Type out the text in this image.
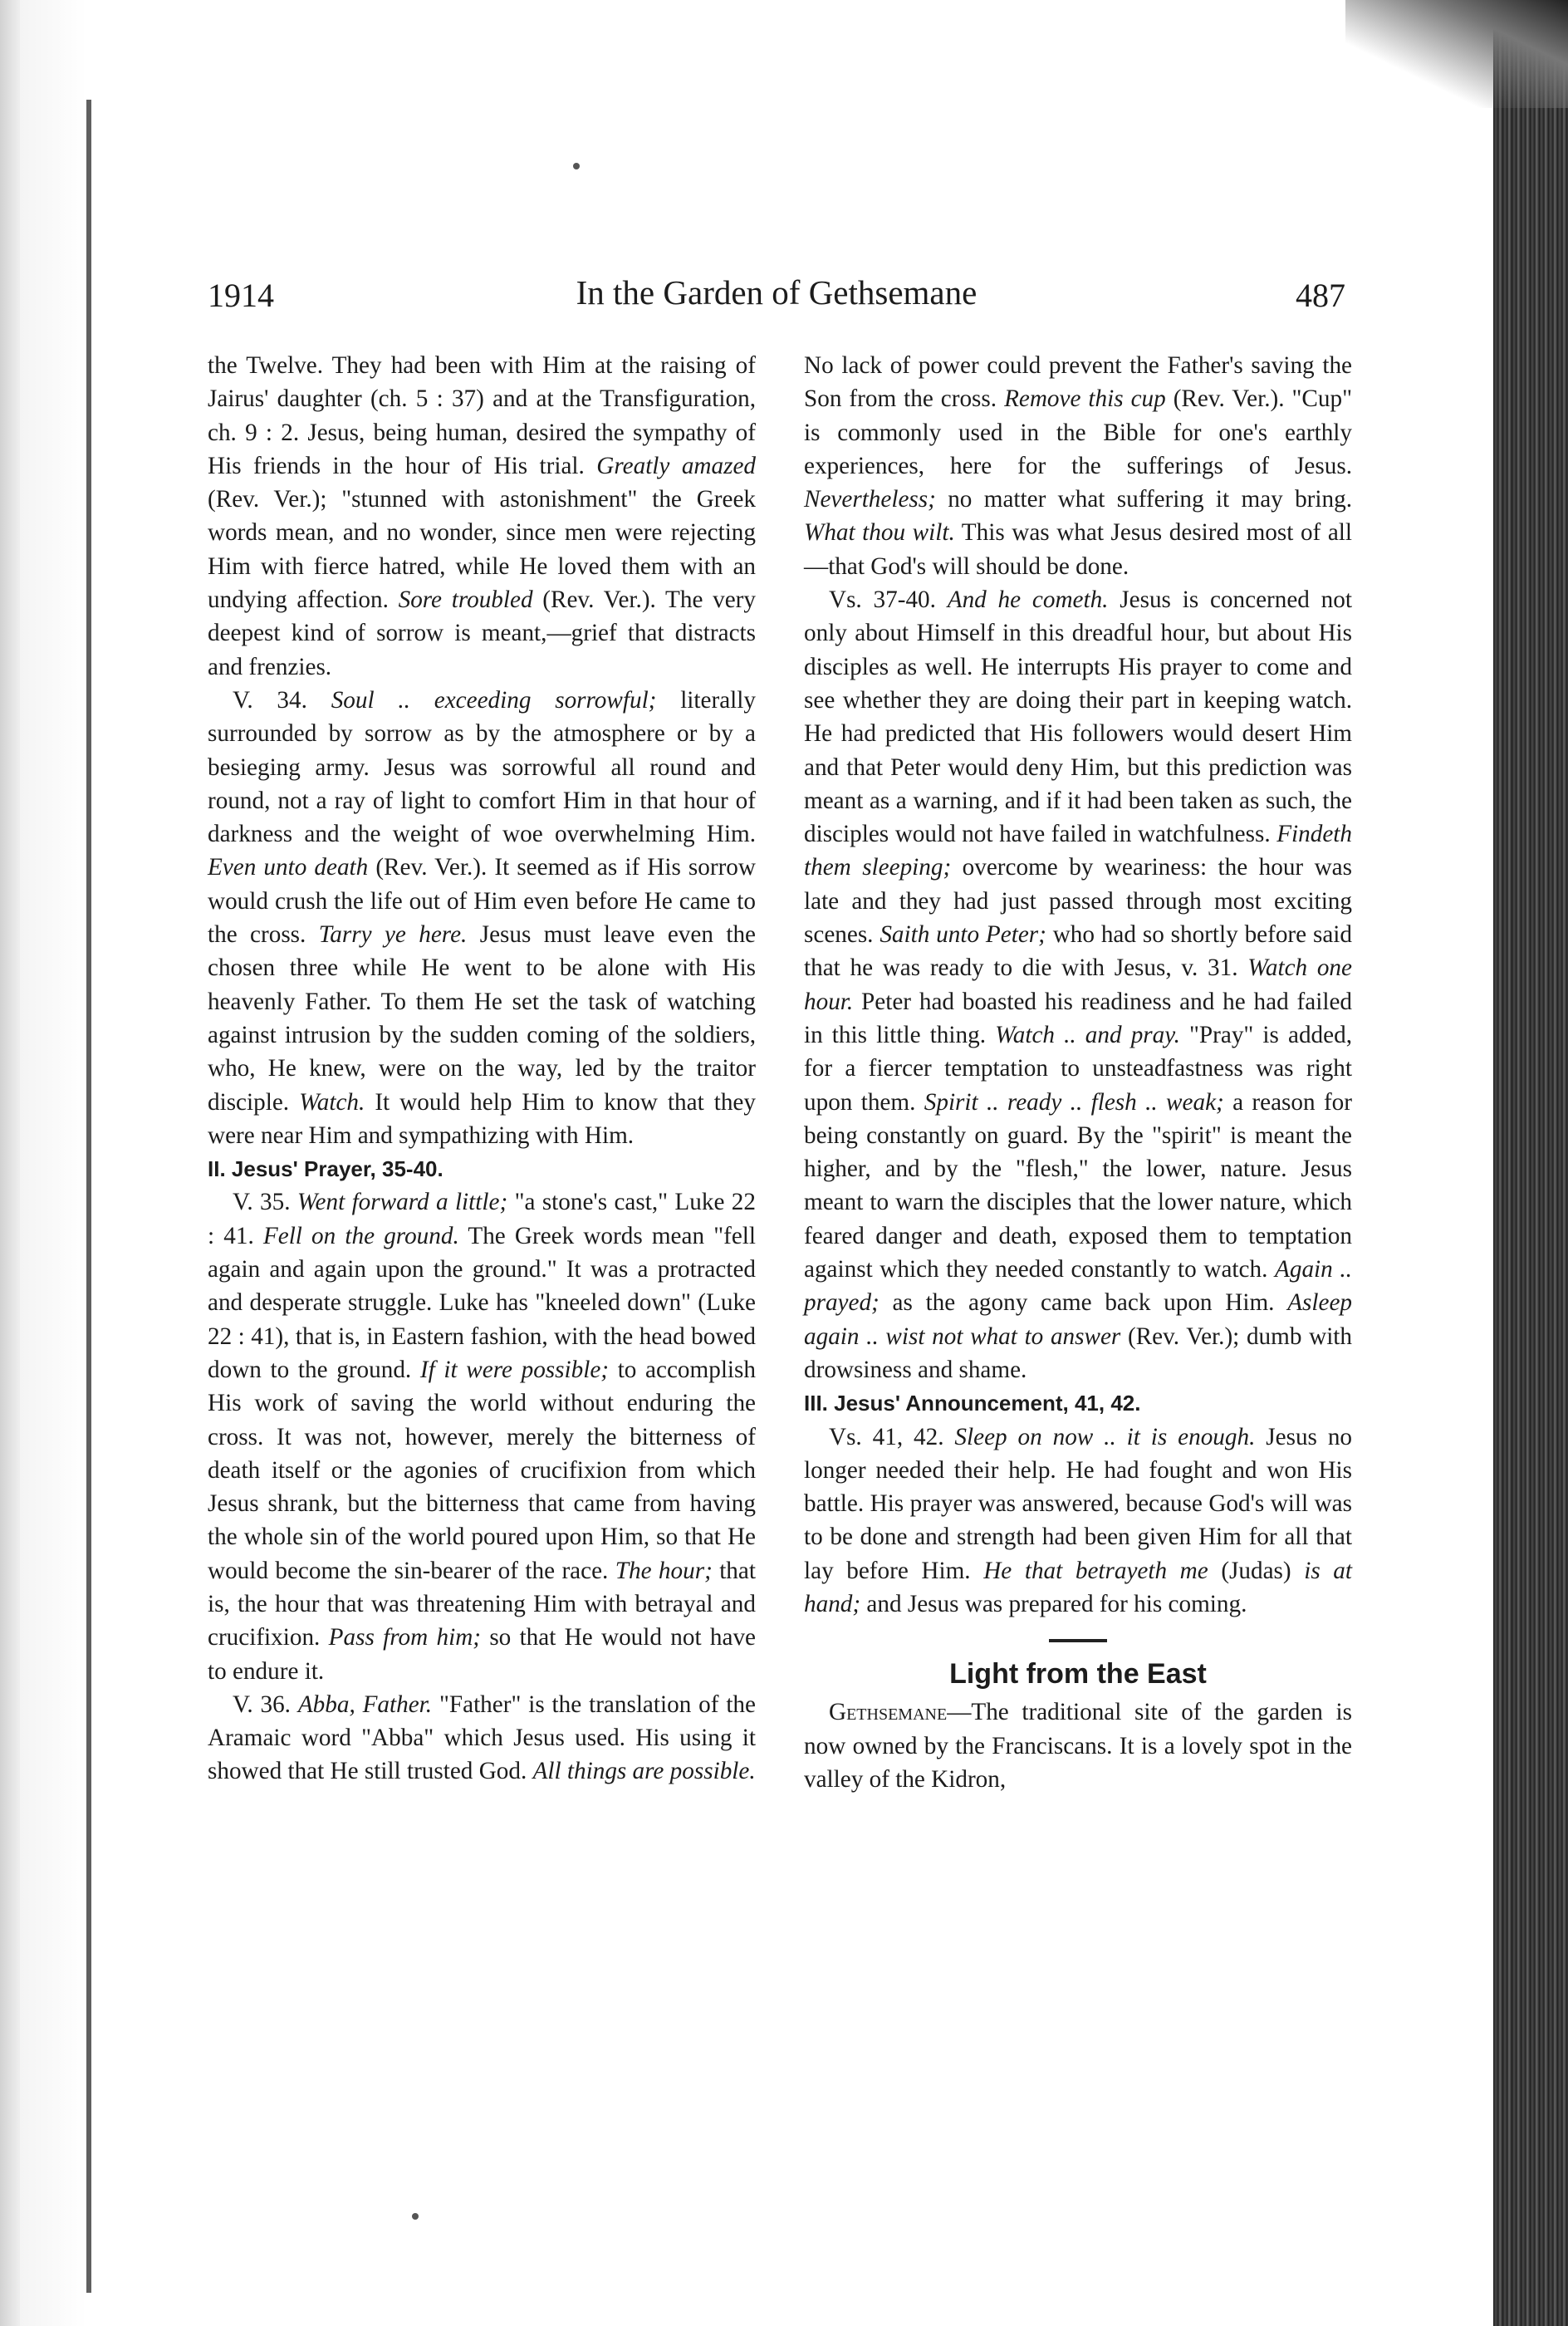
1914	In the Garden of Gethsemane	487

the Twelve. They had been with Him at the raising of Jairus' daughter (ch. 5 : 37) and at the Transfiguration, ch. 9 : 2. Jesus, being human, desired the sympathy of His friends in the hour of His trial. Greatly amazed (Rev. Ver.); "stunned with astonishment" the Greek words mean, and no wonder, since men were rejecting Him with fierce hatred, while He loved them with an undying affection. Sore troubled (Rev. Ver.). The very deepest kind of sorrow is meant,—grief that distracts and frenzies.

V. 34. Soul .. exceeding sorrowful; literally surrounded by sorrow as by the atmosphere or by a besieging army. Jesus was sorrowful all round and round, not a ray of light to comfort Him in that hour of darkness and the weight of woe overwhelming Him. Even unto death (Rev. Ver.). It seemed as if His sorrow would crush the life out of Him even before He came to the cross. Tarry ye here. Jesus must leave even the chosen three while He went to be alone with His heavenly Father. To them He set the task of watching against intrusion by the sudden coming of the soldiers, who, He knew, were on the way, led by the traitor disciple. Watch. It would help Him to know that they were near Him and sympathizing with Him.

II. Jesus' Prayer, 35-40.

V. 35. Went forward a little; "a stone's cast," Luke 22 : 41. Fell on the ground. The Greek words mean "fell again and again upon the ground." It was a protracted and desperate struggle. Luke has "kneeled down" (Luke 22 : 41), that is, in Eastern fashion, with the head bowed down to the ground. If it were possible; to accomplish His work of saving the world without enduring the cross. It was not, however, merely the bitterness of death itself or the agonies of crucifixion from which Jesus shrank, but the bitterness that came from having the whole sin of the world poured upon Him, so that He would become the sin-bearer of the race. The hour; that is, the hour that was threatening Him with betrayal and crucifixion. Pass from him; so that He would not have to endure it.

V. 36. Abba, Father. "Father" is the translation of the Aramaic word "Abba" which Jesus used. His using it showed that He still trusted God. All things are possible.

No lack of power could prevent the Father's saving the Son from the cross. Remove this cup (Rev. Ver.). "Cup" is commonly used in the Bible for one's earthly experiences, here for the sufferings of Jesus. Nevertheless; no matter what suffering it may bring. What thou wilt. This was what Jesus desired most of all—that God's will should be done.

Vs. 37-40. And he cometh. Jesus is concerned not only about Himself in this dreadful hour, but about His disciples as well. He interrupts His prayer to come and see whether they are doing their part in keeping watch. He had predicted that His followers would desert Him and that Peter would deny Him, but this prediction was meant as a warning, and if it had been taken as such, the disciples would not have failed in watchfulness. Findeth them sleeping; overcome by weariness: the hour was late and they had just passed through most exciting scenes. Saith unto Peter; who had so shortly before said that he was ready to die with Jesus, v. 31. Watch one hour. Peter had boasted his readiness and he had failed in this little thing. Watch .. and pray. "Pray" is added, for a fiercer temptation to unsteadfastness was right upon them. Spirit .. ready .. flesh .. weak; a reason for being constantly on guard. By the "spirit" is meant the higher, and by the "flesh," the lower, nature. Jesus meant to warn the disciples that the lower nature, which feared danger and death, exposed them to temptation against which they needed constantly to watch. Again .. prayed; as the agony came back upon Him. Asleep again .. wist not what to answer (Rev. Ver.); dumb with drowsiness and shame.

III. Jesus' Announcement, 41, 42.

Vs. 41, 42. Sleep on now .. it is enough. Jesus no longer needed their help. He had fought and won His battle. His prayer was answered, because God's will was to be done and strength had been given Him for all that lay before Him. He that betrayeth me (Judas) is at hand; and Jesus was prepared for his coming.

Light from the East

Gethsemane—The traditional site of the garden is now owned by the Franciscans. It is a lovely spot in the valley of the Kidron,
